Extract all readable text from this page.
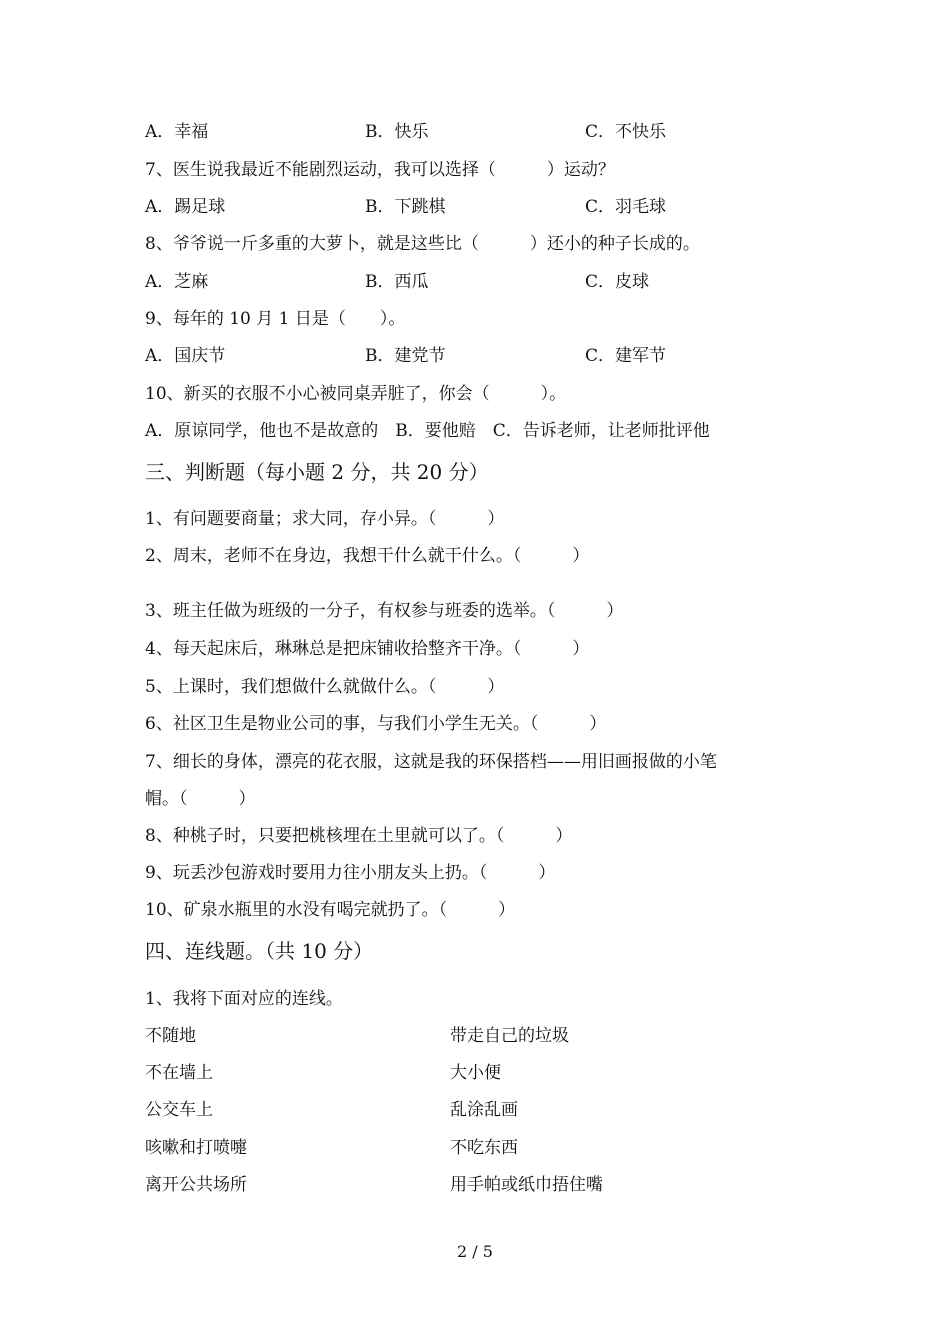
A．幸福	B．快乐	C．不快乐
7、医生说我最近不能剧烈运动，我可以选择（　　　）运动？
A．踢足球	B．下跳棋	C．羽毛球
8、爷爷说一斤多重的大萝卜，就是这些比（　　　）还小的种子长成的。
A．芝麻	B．西瓜	C．皮球
9、每年的 10 月 1 日是（　　）。
A．国庆节	B．建党节	C．建军节
10、新买的衣服不小心被同桌弄脏了，你会（　　　）。
A．原谅同学，他也不是故意的　B．要他赔　C．告诉老师，让老师批评他
三、判断题（每小题 2 分，共 20 分）
1、有问题要商量；求大同，存小异。（　　　）
2、周末，老师不在身边，我想干什么就干什么。（　　　）
3、班主任做为班级的一分子，有权参与班委的选举。（　　　）
4、每天起床后，琳琳总是把床铺收拾整齐干净。（　　　）
5、上课时，我们想做什么就做什么。（　　　）
6、社区卫生是物业公司的事，与我们小学生无关。（　　　）
7、细长的身体，漂亮的花衣服，这就是我的环保搭档——用旧画报做的小笔
帽。（　　　）
8、种桃子时，只要把桃核埋在土里就可以了。（　　　）
9、玩丢沙包游戏时要用力往小朋友头上扔。（　　　）
10、矿泉水瓶里的水没有喝完就扔了。（　　　）
四、连线题。（共 10 分）
1、我将下面对应的连线。
不随地	带走自己的垃圾
不在墙上	大小便
公交车上	乱涂乱画
咳嗽和打喷嚏	不吃东西
离开公共场所	用手帕或纸巾捂住嘴
2 / 5
